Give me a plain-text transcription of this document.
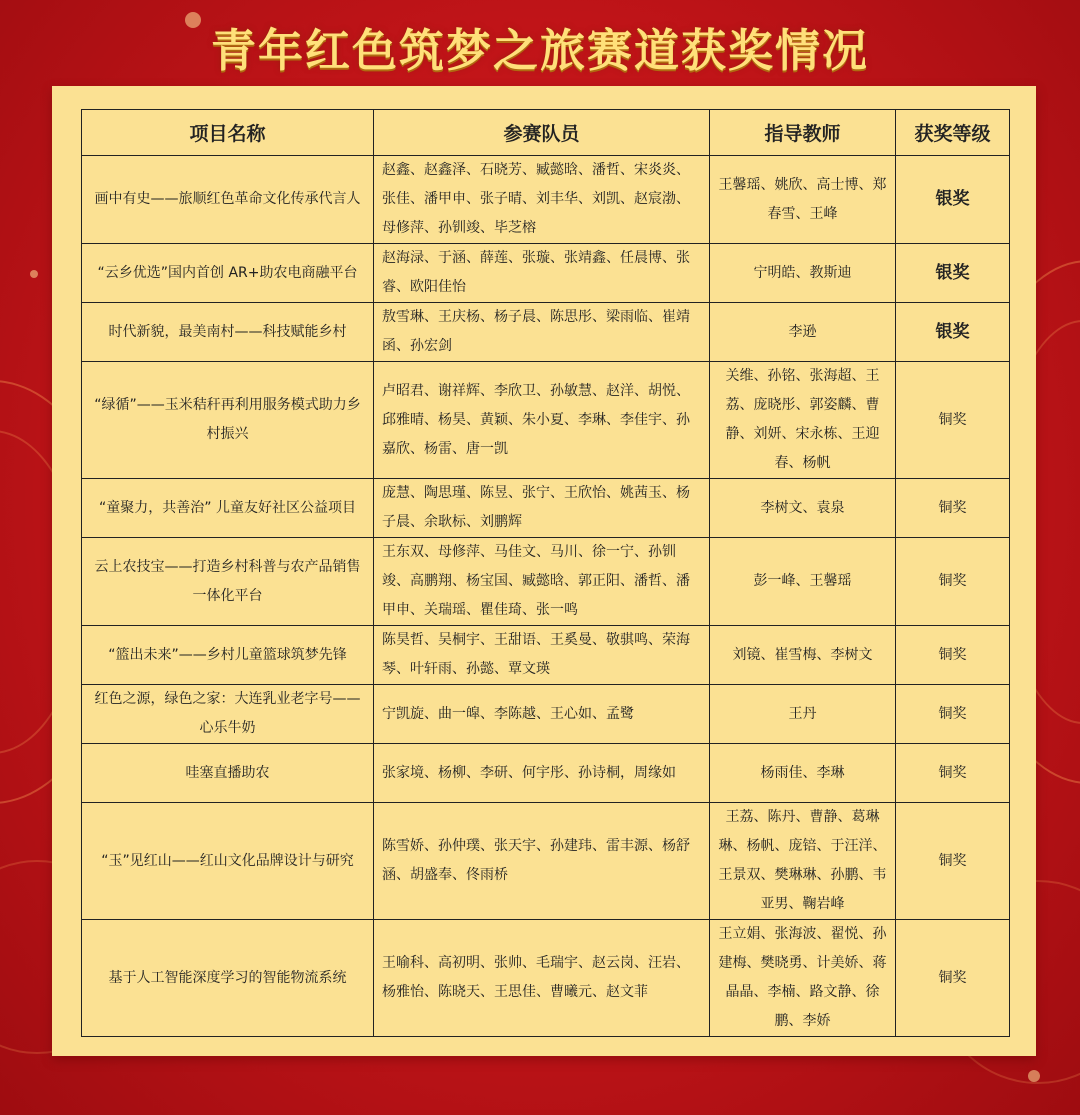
青年红色筑梦之旅赛道获奖情况
项目名称	参赛队员	指导教师	获奖等级
画中有史——旅顺红色革命文化传承代言人	赵鑫、赵鑫泽、石晓芳、臧懿晗、潘哲、宋炎炎、张佳、潘甲申、张子晴、刘丰华、刘凯、赵宸渤、母修萍、孙钏竣、毕芝榕	王馨瑶、姚欣、高士博、郑春雪、王峰	银奖
“云乡优选”国内首创 AR+助农电商融平台	赵海渌、于涵、薛莲、张璇、张靖鑫、任晨博、张睿、欧阳佳怡	宁明皓、教斯迪	银奖
时代新貌，最美南村——科技赋能乡村	敖雪琳、王庆杨、杨子晨、陈思彤、梁雨临、崔靖函、孙宏剑	李逊	银奖
“绿循”——玉米秸秆再利用服务模式助力乡村振兴	卢昭君、谢祥辉、李欣卫、孙敏慧、赵洋、胡悦、邱雅晴、杨昊、黄颖、朱小夏、李琳、李佳宇、孙嘉欣、杨雷、唐一凯	关维、孙铭、张海超、王荔、庞晓彤、郭姿麟、曹静、刘妍、宋永栋、王迎春、杨帆	铜奖
“童聚力，共善治” 儿童友好社区公益项目	庞慧、陶思瑾、陈昱、张宁、王欣怡、姚茜玉、杨子晨、余耿标、刘鹏辉	李树文、袁泉	铜奖
云上农技宝——打造乡村科普与农产品销售一体化平台	王东双、母修萍、马佳文、马川、徐一宁、孙钏竣、高鹏翔、杨宝国、臧懿晗、郭正阳、潘哲、潘甲申、关瑞瑶、瞿佳琦、张一鸣	彭一峰、王馨瑶	铜奖
“篮出未来”——乡村儿童篮球筑梦先锋	陈昊哲、吴桐宇、王甜语、王奚曼、敬骐鸣、荣海琴、叶轩雨、孙懿、覃文瑛	刘镜、崔雪梅、李树文	铜奖
红色之源，绿色之家：大连乳业老字号——心乐牛奶	宁凯旋、曲一皡、李陈越、王心如、孟鹭	王丹	铜奖
哇塞直播助农	张家境、杨柳、李研、何宇彤、孙诗桐，周缘如	杨雨佳、李琳	铜奖
“玉”见红山——红山文化品牌设计与研究	陈雪娇、孙仲璞、张天宇、孙建玮、雷丰源、杨舒涵、胡盛奉、佟雨桥	王荔、陈丹、曹静、葛琳琳、杨帆、庞锫、于汪洋、王景双、樊琳琳、孙鹏、韦亚男、鞠岩峰	铜奖
基于人工智能深度学习的智能物流系统	王喻科、高初明、张帅、毛瑞宇、赵云岗、汪岩、杨雅怡、陈晓天、王思佳、曹曦元、赵文菲	王立娟、张海波、翟悦、孙建梅、樊晓勇、计美娇、蒋晶晶、李楠、路文静、徐鹏、李娇	铜奖
